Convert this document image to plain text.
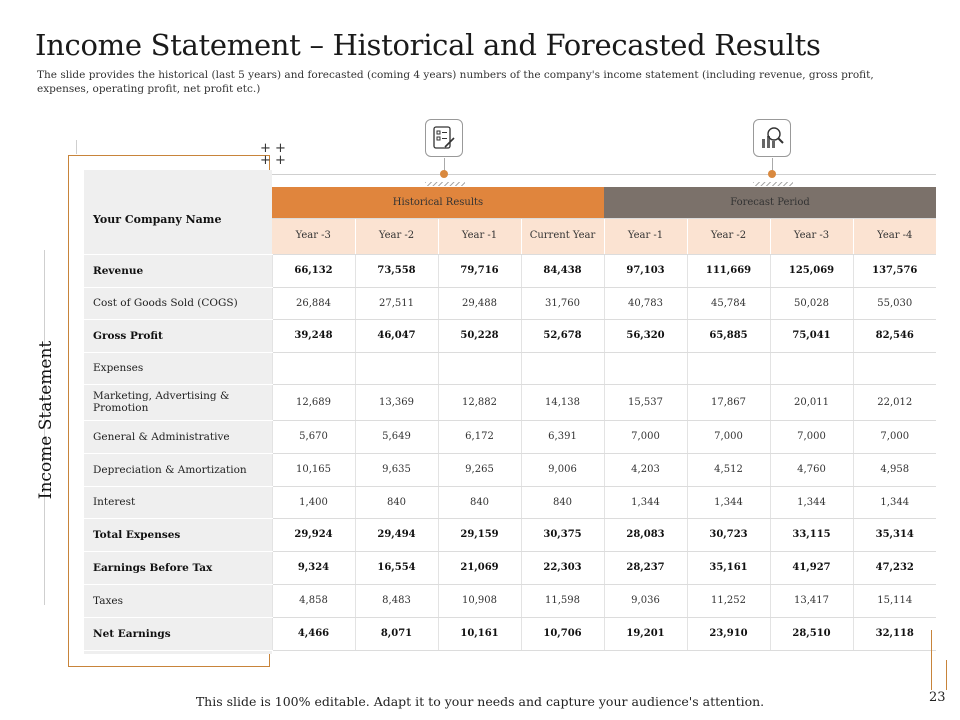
Income Statement – Historical and Forecasted Results
The slide provides the historical (last 5 years) and forecasted (coming 4 years) numbers of the company's income statement (including revenue, gross profit, expenses, operating profit, net profit etc.)
+ +
+ +
Income Statement
Your Company Name	Historical Results				Forecast Period			
	Year -3	Year -2	Year -1	Current Year	Year -1	Year -2	Year -3	Year -4
Revenue	66,132	73,558	79,716	84,438	97,103	111,669	125,069	137,576
Cost of Goods Sold (COGS)	26,884	27,511	29,488	31,760	40,783	45,784	50,028	55,030
Gross Profit	39,248	46,047	50,228	52,678	56,320	65,885	75,041	82,546
Expenses								
Marketing, Advertising & Promotion	12,689	13,369	12,882	14,138	15,537	17,867	20,011	22,012
General & Administrative	5,670	5,649	6,172	6,391	7,000	7,000	7,000	7,000
Depreciation & Amortization	10,165	9,635	9,265	9,006	4,203	4,512	4,760	4,958
Interest	1,400	840	840	840	1,344	1,344	1,344	1,344
Total Expenses	29,924	29,494	29,159	30,375	28,083	30,723	33,115	35,314
Earnings Before Tax	9,324	16,554	21,069	22,303	28,237	35,161	41,927	47,232
Taxes	4,858	8,483	10,908	11,598	9,036	11,252	13,417	15,114
Net Earnings	4,466	8,071	10,161	10,706	19,201	23,910	28,510	32,118
This slide is 100% editable. Adapt it to your needs and capture your audience's attention.	23
